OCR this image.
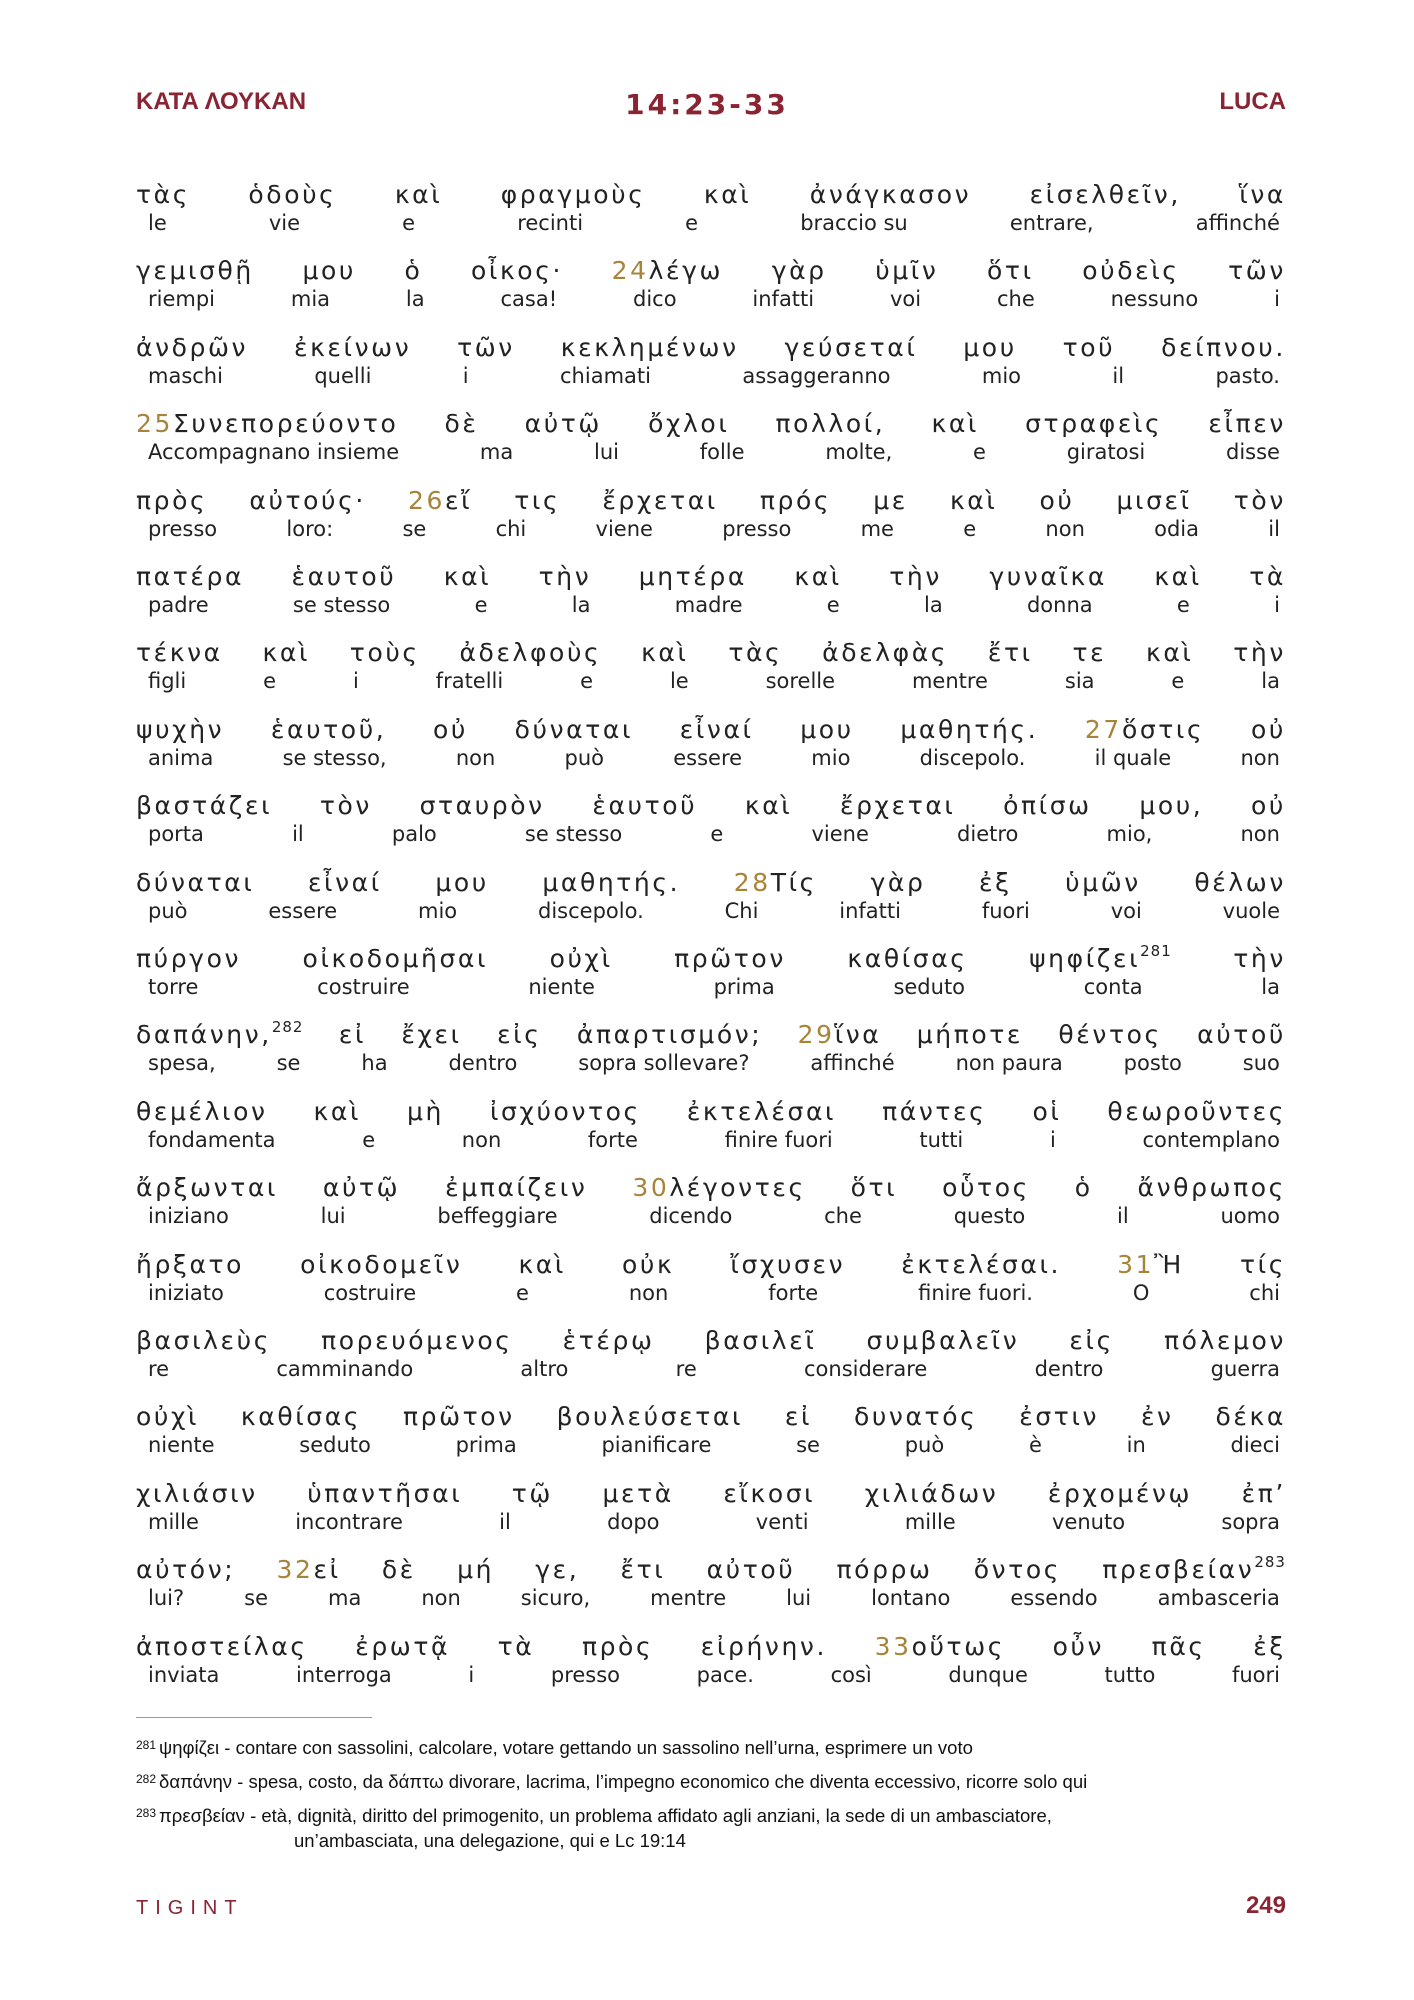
ΚΑΤΑ ΛΟΥΚΑΝ	14:23-33	LUCA
τὰς ὁδοὺς καὶ φραγμοὺς καὶ ἀνάγκασον εἰσελθεῖν, ἵνα
le	vie	e	recinti	e	braccio su	entrare,	affinché
γεμισθῇ μου ὁ οἶκος· 24λέγω γὰρ ὑμῖν ὅτι οὐδεὶς τῶν
riempi	mia	la	casa!	dico	infatti	voi	che	nessuno	i
ἀνδρῶν ἐκείνων τῶν κεκλημένων γεύσεταί μου τοῦ δείπνου.
maschi	quelli	i	chiamati	assaggeranno	mio	il	pasto.
25Συνεπορεύοντο δὲ αὐτῷ ὄχλοι πολλοί, καὶ στραφεὶς εἶπεν
Accompagnano insieme	ma	lui	folle	molte,	e	giratosi	disse
πρὸς αὐτούς· 26εἴ τις ἔρχεται πρός με καὶ οὐ μισεῖ τὸν
presso	loro:	se	chi	viene	presso	me	e	non	odia	il
πατέρα ἑαυτοῦ καὶ τὴν μητέρα καὶ τὴν γυναῖκα καὶ τὰ
padre	se stesso	e	la	madre	e	la	donna	e	i
τέκνα καὶ τοὺς ἀδελφοὺς καὶ τὰς ἀδελφὰς ἔτι τε καὶ τὴν
figli	e	i	fratelli	e	le	sorelle	mentre	sia	e	la
ψυχὴν ἑαυτοῦ, οὐ δύναται εἶναί μου μαθητής. 27ὅστις οὐ
anima	se stesso,	non	può	essere	mio	discepolo.	il quale	non
βαστάζει τὸν σταυρὸν ἑαυτοῦ καὶ ἔρχεται ὀπίσω μου, οὐ
porta	il	palo	se stesso	e	viene	dietro	mio,	non
δύναται εἶναί μου μαθητής. 28Τίς γὰρ ἐξ ὑμῶν θέλων
può	essere	mio	discepolo.	Chi	infatti	fuori	voi	vuole
πύργον οἰκοδομῆσαι οὐχὶ πρῶτον καθίσας ψηφίζει$^{281}$ τὴν
torre	costruire	niente	prima	seduto	conta	la
δαπάνην,$^{282}$ εἰ ἔχει εἰς ἀπαρτισμόν; 29ἵνα μήποτε θέντος αὐτοῦ
spesa,	se	ha	dentro	sopra sollevare?	affinché	non paura	posto	suo
θεμέλιον καὶ μὴ ἰσχύοντος ἐκτελέσαι πάντες οἱ θεωροῦντες
fondamenta	e	non	forte	finire fuori	tutti	i	contemplano
ἄρξωνται αὐτῷ ἐμπαίζειν 30λέγοντες ὅτι οὗτος ὁ ἄνθρωπος
iniziano	lui	beffeggiare	dicendo	che	questo	il	uomo
ἤρξατο οἰκοδομεῖν καὶ οὐκ ἴσχυσεν ἐκτελέσαι. 31Ἢ τίς
iniziato	costruire	e	non	forte	finire fuori.	O	chi
βασιλεὺς πορευόμενος ἑτέρῳ βασιλεῖ συμβαλεῖν εἰς πόλεμον
re	camminando	altro	re	considerare	dentro	guerra
οὐχὶ καθίσας πρῶτον βουλεύσεται εἰ δυνατός ἐστιν ἐν δέκα
niente	seduto	prima	pianificare	se	può	è	in	dieci
χιλιάσιν ὑπαντῆσαι τῷ μετὰ εἴκοσι χιλιάδων ἐρχομένῳ ἐπ’
mille	incontrare	il	dopo	venti	mille	venuto	sopra
αὐτόν; 32εἰ δὲ μή γε, ἔτι αὐτοῦ πόρρω ὄντος πρεσβείαν$^{283}$
lui?	se	ma	non	sicuro,	mentre	lui	lontano	essendo	ambasceria
ἀποστείλας ἐρωτᾷ τὰ πρὸς εἰρήνην. 33οὕτως οὖν πᾶς ἐξ
inviata	interroga	i	presso	pace.	così	dunque	tutto	fuori
$^{281}$ ψηφίζει - contare con sassolini, calcolare, votare gettando un sassolino nell’urna, esprimere un voto
$^{282}$ δαπάνην - spesa, costo, da δάπτω divorare, lacrima, l’impegno economico che diventa eccessivo, ricorre solo qui
$^{283}$ πρεσβείαν - età, dignità, diritto del primogenito, un problema affidato agli anziani, la sede di un ambasciatore,
un’ambasciata, una delegazione, qui e Lc 19:14
TIGINT	249
